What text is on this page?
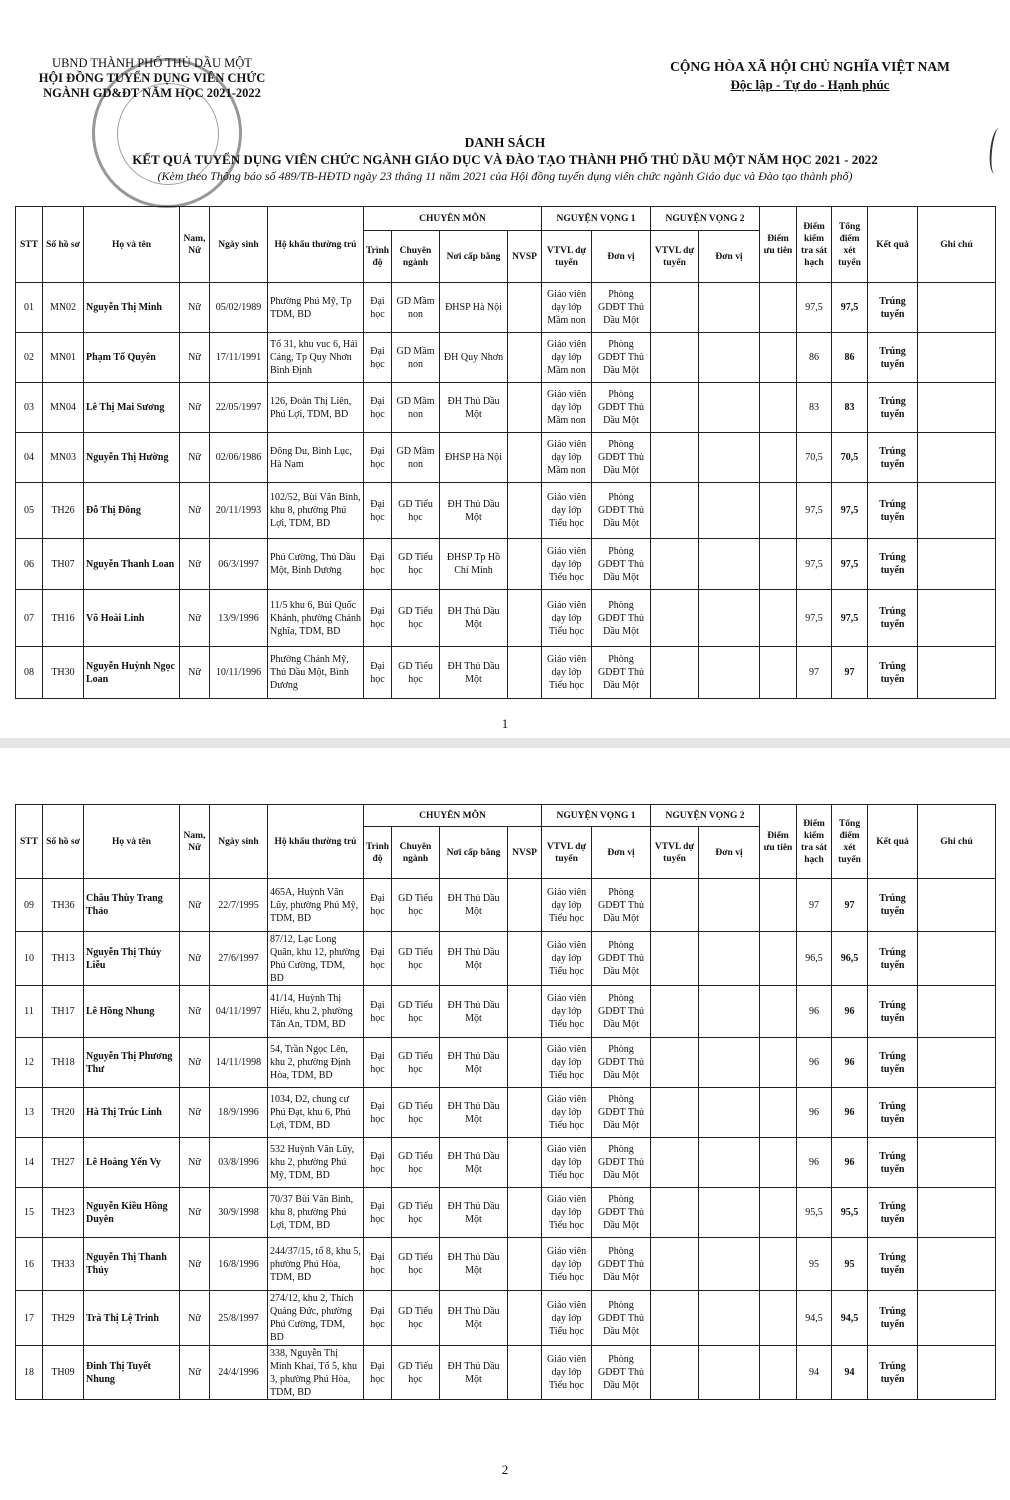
UBND THÀNH PHỐ THỦ DẦU MỘT
HỘI ĐỒNG TUYỂN DỤNG VIÊN CHỨC
NGÀNH GD&ĐT NĂM HỌC 2021-2022
CỘNG HÒA XÃ HỘI CHỦ NGHĨA VIỆT NAM
Độc lập - Tự do - Hạnh phúc
DANH SÁCH
KẾT QUẢ TUYỂN DỤNG VIÊN CHỨC NGÀNH GIÁO DỤC VÀ ĐÀO TẠO THÀNH PHỐ THỦ DẦU MỘT NĂM HỌC 2021 - 2022
(Kèm theo Thông báo số 489/TB-HĐTD ngày 23 tháng 11 năm 2021 của Hội đồng tuyển dụng viên chức ngành Giáo dục và Đào tạo thành phố)
STT	Số hồ sơ	Họ và tên	Nam, Nữ	Ngày sinh	Hộ khẩu thường trú	CHUYÊN MÔN				NGUYỆN VỌNG 1		NGUYỆN VỌNG 2		Điểm ưu tiên	Điểm kiểm tra sát hạch	Tổng điểm xét tuyển	Kết quả	Ghi chú
						Trình độ	Chuyên ngành	Nơi cấp bằng	NVSP	VTVL dự tuyển	Đơn vị	VTVL dự tuyển	Đơn vị					
01	MN02	Nguyễn Thị Minh	Nữ	05/02/1989	Phường Phú Mỹ, Tp TDM, BD	Đại học	GD Mầm non	ĐHSP Hà Nội		Giáo viên dạy lớp Mầm non	Phòng GDĐT Thủ Dầu Một				97,5	97,5	Trúng tuyển	
02	MN01	Phạm Tố Quyên	Nữ	17/11/1991	Tổ 31, khu vuc 6, Hải Cảng, Tp Quy Nhơn Bình Định	Đại học	GD Mầm non	ĐH Quy Nhơn		Giáo viên dạy lớp Mầm non	Phòng GDĐT Thủ Dầu Một				86	86	Trúng tuyển	
03	MN04	Lê Thị Mai Sương	Nữ	22/05/1997	126, Đoàn Thị Liên, Phú Lợi, TDM, BD	Đại học	GD Mầm non	ĐH Thủ Dầu Một		Giáo viên dạy lớp Mầm non	Phòng GDĐT Thủ Dầu Một				83	83	Trúng tuyển	
04	MN03	Nguyễn Thị Hường	Nữ	02/06/1986	Đông Du, Bình Lục, Hà Nam	Đại học	GD Mầm non	ĐHSP Hà Nội		Giáo viên dạy lớp Mầm non	Phòng GDĐT Thủ Dầu Một				70,5	70,5	Trúng tuyển	
05	TH26	Đỗ Thị Đông	Nữ	20/11/1993	102/52, Bùi Văn Bình, khu 8, phường Phú Lợi, TDM, BD	Đại học	GD Tiểu học	ĐH Thủ Dầu Một		Giáo viên dạy lớp Tiểu học	Phòng GDĐT Thủ Dầu Một				97,5	97,5	Trúng tuyển	
06	TH07	Nguyễn Thanh Loan	Nữ	06/3/1997	Phú Cường, Thủ Dầu Một, Bình Dương	Đại học	GD Tiểu học	ĐHSP Tp Hồ Chí Minh		Giáo viên dạy lớp Tiểu học	Phòng GDĐT Thủ Dầu Một				97,5	97,5	Trúng tuyển	
07	TH16	Võ Hoài Linh	Nữ	13/9/1996	11/5 khu 6, Bùi Quốc Khánh, phường Chánh Nghĩa, TDM, BD	Đại học	GD Tiểu học	ĐH Thủ Dầu Một		Giáo viên dạy lớp Tiểu học	Phòng GDĐT Thủ Dầu Một				97,5	97,5	Trúng tuyển	
08	TH30	Nguyễn Huỳnh Ngọc Loan	Nữ	10/11/1996	Phường Chánh Mỹ, Thủ Dầu Một, Bình Dương	Đại học	GD Tiểu học	ĐH Thủ Dầu Một		Giáo viên dạy lớp Tiểu học	Phòng GDĐT Thủ Dầu Một				97	97	Trúng tuyển	
1
STT	Số hồ sơ	Họ và tên	Nam, Nữ	Ngày sinh	Hộ khẩu thường trú	CHUYÊN MÔN				NGUYỆN VỌNG 1		NGUYỆN VỌNG 2		Điểm ưu tiên	Điểm kiểm tra sát hạch	Tổng điểm xét tuyển	Kết quả	Ghi chú
						Trình độ	Chuyên ngành	Nơi cấp bằng	NVSP	VTVL dự tuyển	Đơn vị	VTVL dự tuyển	Đơn vị					
09	TH36	Châu Thùy Trang Thảo	Nữ	22/7/1995	465A, Huỳnh Văn Lũy, phường Phú Mỹ, TDM, BD	Đại học	GD Tiểu học	ĐH Thủ Dầu Một		Giáo viên dạy lớp Tiểu học	Phòng GDĐT Thủ Dầu Một				97	97	Trúng tuyển	
10	TH13	Nguyễn Thị Thúy Liễu	Nữ	27/6/1997	87/12, Lạc Long Quân, khu 12, phường Phú Cường, TDM, BD	Đại học	GD Tiểu học	ĐH Thủ Dầu Một		Giáo viên dạy lớp Tiểu học	Phòng GDĐT Thủ Dầu Một				96,5	96,5	Trúng tuyển	
11	TH17	Lê Hồng Nhung	Nữ	04/11/1997	41/14, Huỳnh Thị Hiếu, khu 2, phường Tân An, TDM, BD	Đại học	GD Tiểu học	ĐH Thủ Dầu Một		Giáo viên dạy lớp Tiểu học	Phòng GDĐT Thủ Dầu Một				96	96	Trúng tuyển	
12	TH18	Nguyễn Thị Phương Thư	Nữ	14/11/1998	54, Trần Ngọc Lên, khu 2, phường Định Hòa, TDM, BD	Đại học	GD Tiểu học	ĐH Thủ Dầu Một		Giáo viên dạy lớp Tiểu học	Phòng GDĐT Thủ Dầu Một				96	96	Trúng tuyển	
13	TH20	Hà Thị Trúc Linh	Nữ	18/9/1996	1034, D2, chung cư Phú Đạt, khu 6, Phú Lợi, TDM, BD	Đại học	GD Tiểu học	ĐH Thủ Dầu Một		Giáo viên dạy lớp Tiểu học	Phòng GDĐT Thủ Dầu Một				96	96	Trúng tuyển	
14	TH27	Lê Hoàng Yến Vy	Nữ	03/8/1996	532 Huỳnh Văn Lũy, khu 2, phường Phú Mỹ, TDM, BD	Đại học	GD Tiểu học	ĐH Thủ Dầu Một		Giáo viên dạy lớp Tiểu học	Phòng GDĐT Thủ Dầu Một				96	96	Trúng tuyển	
15	TH23	Nguyễn Kiều Hồng Duyên	Nữ	30/9/1998	70/37 Bùi Văn Bình, khu 8, phường Phú Lợi, TDM, BD	Đại học	GD Tiểu học	ĐH Thủ Dầu Một		Giáo viên dạy lớp Tiểu học	Phòng GDĐT Thủ Dầu Một				95,5	95,5	Trúng tuyển	
16	TH33	Nguyễn Thị Thanh Thủy	Nữ	16/8/1996	244/37/15, tổ 8, khu 5, phường Phú Hòa, TDM, BD	Đại học	GD Tiểu học	ĐH Thủ Dầu Một		Giáo viên dạy lớp Tiểu học	Phòng GDĐT Thủ Dầu Một				95	95	Trúng tuyển	
17	TH29	Trà Thị Lệ Trinh	Nữ	25/8/1997	274/12, khu 2, Thích Quảng Đức, phường Phú Cường, TDM, BD	Đại học	GD Tiểu học	ĐH Thủ Dầu Một		Giáo viên dạy lớp Tiểu học	Phòng GDĐT Thủ Dầu Một				94,5	94,5	Trúng tuyển	
18	TH09	Đinh Thị Tuyết Nhung	Nữ	24/4/1996	338, Nguyễn Thị Minh Khai, Tổ 5, khu 3, phường Phú Hòa, TDM, BD	Đại học	GD Tiểu học	ĐH Thủ Dầu Một		Giáo viên dạy lớp Tiểu học	Phòng GDĐT Thủ Dầu Một				94	94	Trúng tuyển	
2
